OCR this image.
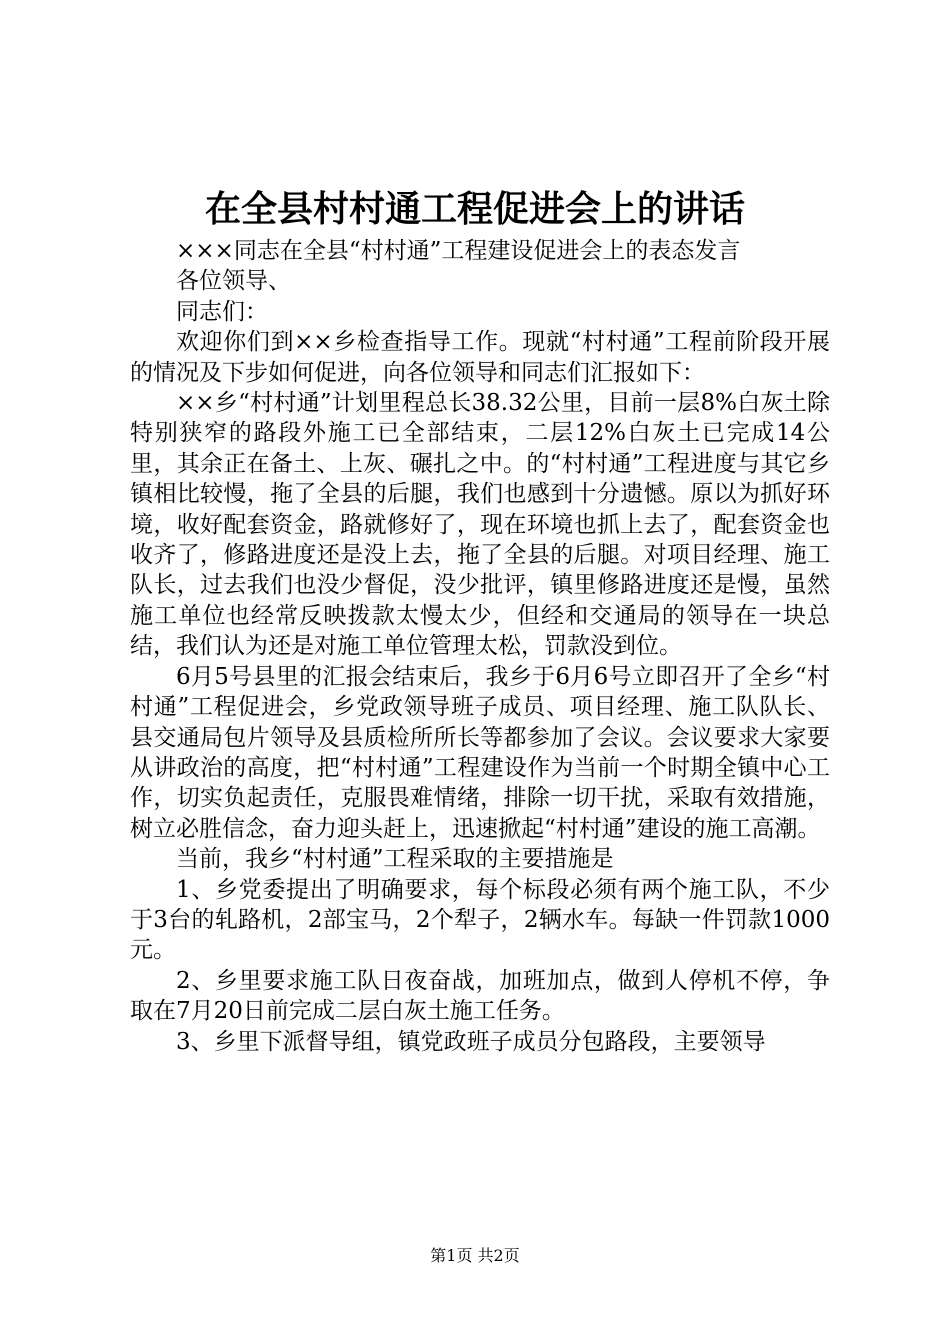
在全县村村通工程促进会上的讲话

×××同志在全县“村村通”工程建设促进会上的表态发言

各位领导、

同志们：

欢迎你们到××乡检查指导工作。现就“村村通”工程前阶段开展的情况及下步如何促进，向各位领导和同志们汇报如下：

××乡“村村通”计划里程总长38.32公里，目前一层8%白灰土除特别狭窄的路段外施工已全部结束，二层12%白灰土已完成14公里，其余正在备土、上灰、碾扎之中。的“村村通”工程进度与其它乡镇相比较慢，拖了全县的后腿，我们也感到十分遗憾。原以为抓好环境，收好配套资金，路就修好了，现在环境也抓上去了，配套资金也收齐了，修路进度还是没上去，拖了全县的后腿。对项目经理、施工队长，过去我们也没少督促，没少批评，镇里修路进度还是慢，虽然施工单位也经常反映拨款太慢太少，但经和交通局的领导在一块总结，我们认为还是对施工单位管理太松，罚款没到位。

6月5号县里的汇报会结束后，我乡于6月6号立即召开了全乡“村村通”工程促进会，乡党政领导班子成员、项目经理、施工队队长、县交通局包片领导及县质检所所长等都参加了会议。会议要求大家要从讲政治的高度，把“村村通”工程建设作为当前一个时期全镇中心工作，切实负起责任，克服畏难情绪，排除一切干扰，采取有效措施，树立必胜信念，奋力迎头赶上，迅速掀起“村村通”建设的施工高潮。

当前，我乡“村村通”工程采取的主要措施是

1、乡党委提出了明确要求，每个标段必须有两个施工队，不少于3台的轧路机，2部宝马，2个犁子，2辆水车。每缺一件罚款1000元。

2、乡里要求施工队日夜奋战，加班加点，做到人停机不停，争取在7月20日前完成二层白灰土施工任务。

3、乡里下派督导组，镇党政班子成员分包路段，主要领导

第1页 共2页
